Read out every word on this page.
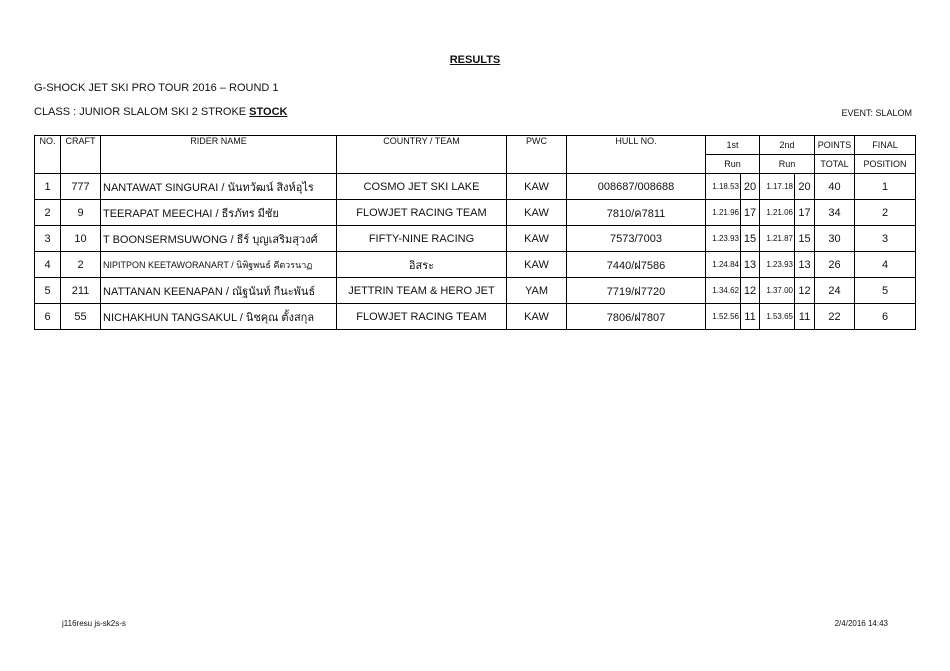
RESULTS
G-SHOCK JET SKI PRO TOUR 2016 – ROUND 1
CLASS : JUNIOR SLALOM SKI 2 STROKE STOCK	EVENT: SLALOM
NO.	CRAFT	RIDER NAME	COUNTRY / TEAM	PWC	HULL NO.	1st		2nd		POINTS	FINAL
						Run		Run		TOTAL	POSITION
1	777	NANTAWAT SINGURAI / นันทวัฒน์ สิงห์อุไร	COSMO JET SKI LAKE	KAW	008687/008688	1.18.53	20	1.17.18	20	40	1
2	9	TEERAPAT MEECHAI / ธีรภัทร มีชัย	FLOWJET RACING TEAM	KAW	7810/ค7811	1.21.96	17	1.21.06	17	34	2
3	10	T BOONSERMSUWONG / ธีร์ บุญเสริมสุวงศ์	FIFTY-NINE RACING	KAW	7573/7003	1.23.93	15	1.21.87	15	30	3
4	2	NIPITPON KEETAWORANART / นิพิฐพนธ์ คีตวรนาฏ	อิสระ	KAW	7440/ฝ7586	1.24.84	13	1.23.93	13	26	4
5	211	NATTANAN KEENAPAN / ณัฐนันท์ กีนะพันธ์	JETTRIN TEAM & HERO JET	YAM	7719/ฝ7720	1.34.62	12	1.37.00	12	24	5
6	55	NICHAKHUN TANGSAKUL / นิชคุณ ตั้งสกุล	FLOWJET RACING TEAM	KAW	7806/ฝ7807	1.52.56	11	1.53.65	11	22	6
j116resu js-sk2s-s	2/4/2016 14:43
